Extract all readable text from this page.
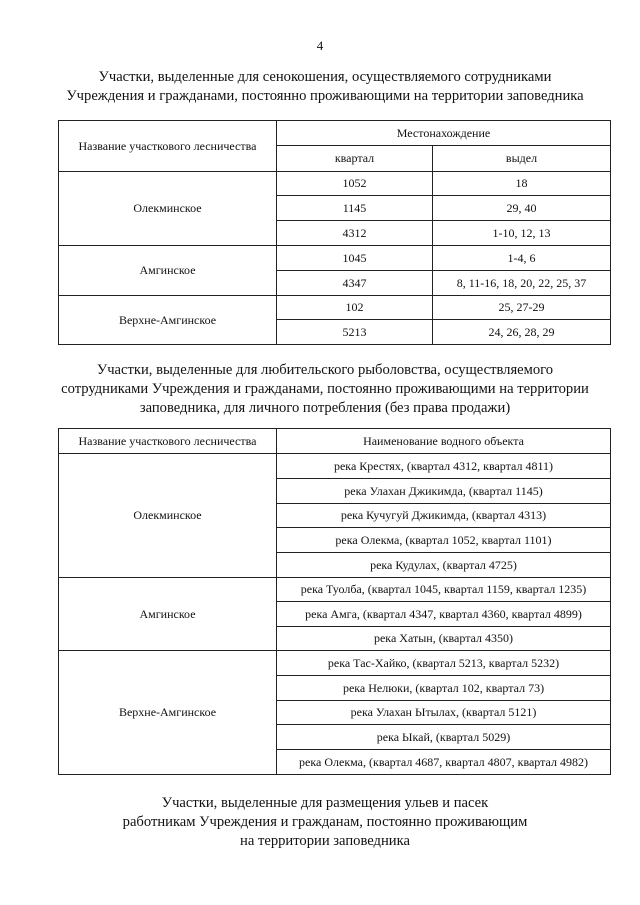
4
Участки, выделенные для сенокошения, осуществляемого сотрудниками
Учреждения и гражданами, постоянно проживающими на территории заповедника
Название участкового лесничества	Местонахождение	
	квартал	выдел
Олекминское	1052	18
	1145	29, 40
	4312	1-10, 12, 13
Амгинское	1045	1-4, 6
	4347	8, 11-16, 18, 20, 22, 25, 37
Верхне-Амгинское	102	25, 27-29
	5213	24, 26, 28, 29
Участки, выделенные для любительского рыболовства, осуществляемого
сотрудниками Учреждения и гражданами, постоянно проживающими на территории
заповедника, для личного потребления (без права продажи)
Название участкового лесничества	Наименование водного объекта
Олекминское	река Крестях, (квартал 4312, квартал 4811)
	река Улахан Джикимда, (квартал 1145)
	река Кучугуй Джикимда, (квартал 4313)
	река Олекма, (квартал 1052, квартал 1101)
	река Кудулах, (квартал 4725)
Амгинское	река Туолба, (квартал 1045, квартал 1159, квартал 1235)
	река Амга, (квартал 4347, квартал 4360, квартал 4899)
	река Хатын, (квартал 4350)
Верхне-Амгинское	река Тас-Хайко, (квартал 5213, квартал 5232)
	река Нелюки, (квартал 102, квартал 73)
	река Улахан Ытылах, (квартал 5121)
	река Ыкай, (квартал 5029)
	река Олекма, (квартал 4687, квартал 4807, квартал 4982)
Участки, выделенные для размещения ульев и пасек
работникам Учреждения и гражданам, постоянно проживающим
на территории заповедника
